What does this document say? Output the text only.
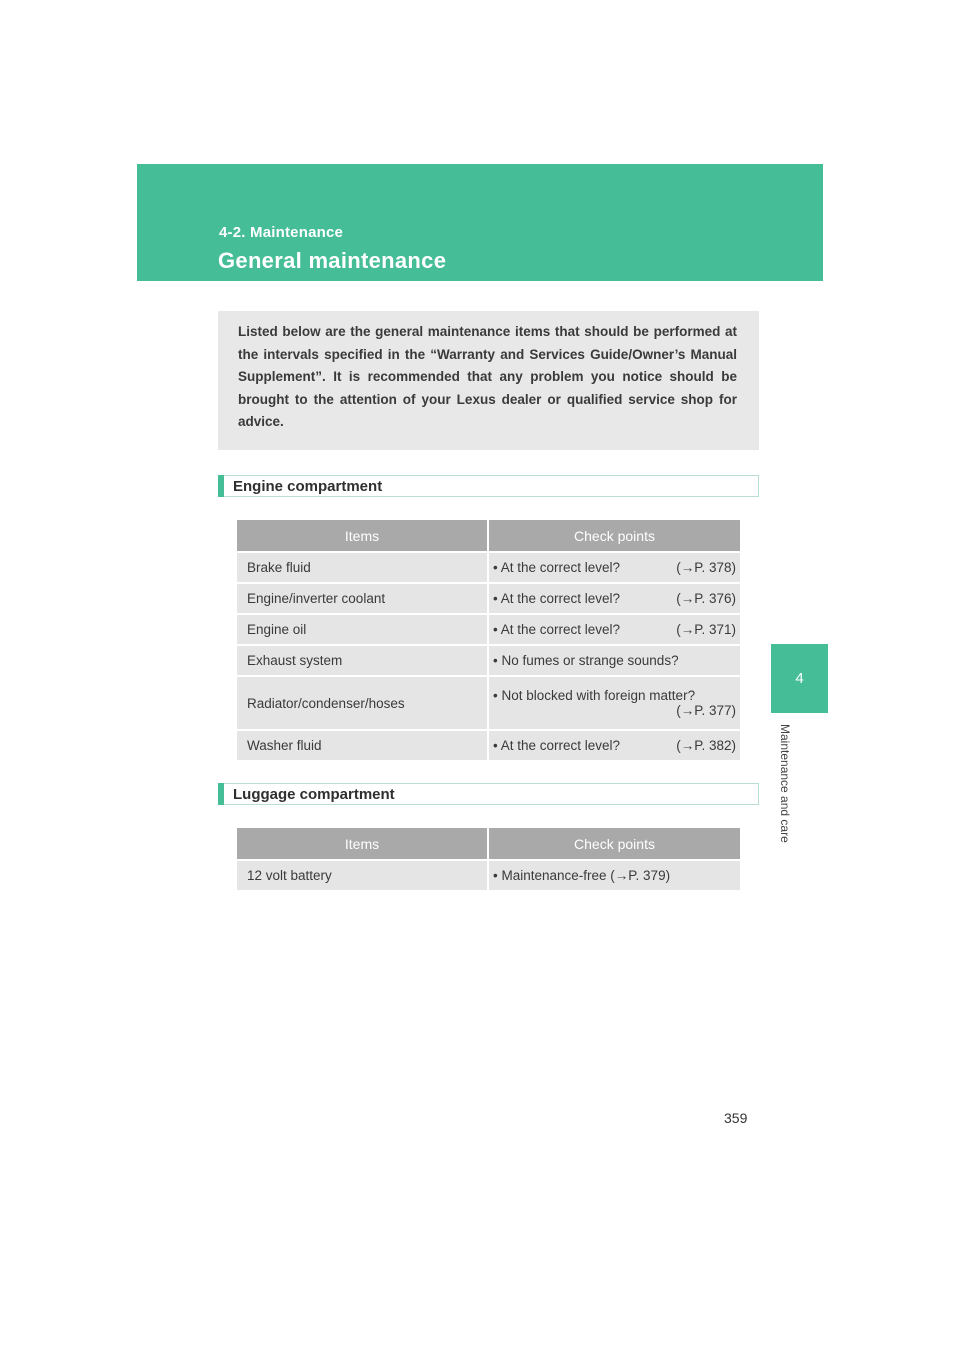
4-2. Maintenance
General maintenance
4
Maintenance and care

Listed below are the general maintenance items that should be performed at the intervals specified in the “Warranty and Services Guide/Owner’s Manual Supplement”. It is recommended that any problem you notice should be brought to the attention of your Lexus dealer or qualified service shop for advice.

Engine compartment
Items	Check points
Brake fluid	• At the correct level? (→P. 378)

Engine/inverter coolant	• At the correct level? (→P. 376)

Engine oil	• At the correct level? (→P. 371)

Exhaust system	• No fumes or strange sounds?

Radiator/condenser/hoses	• Not blocked with foreign matter?
(→P. 377)

Washer fluid	• At the correct level? (→P. 382)
Luggage compartment
Items	Check points
12 volt battery	• Maintenance-free (→P. 379)
359
